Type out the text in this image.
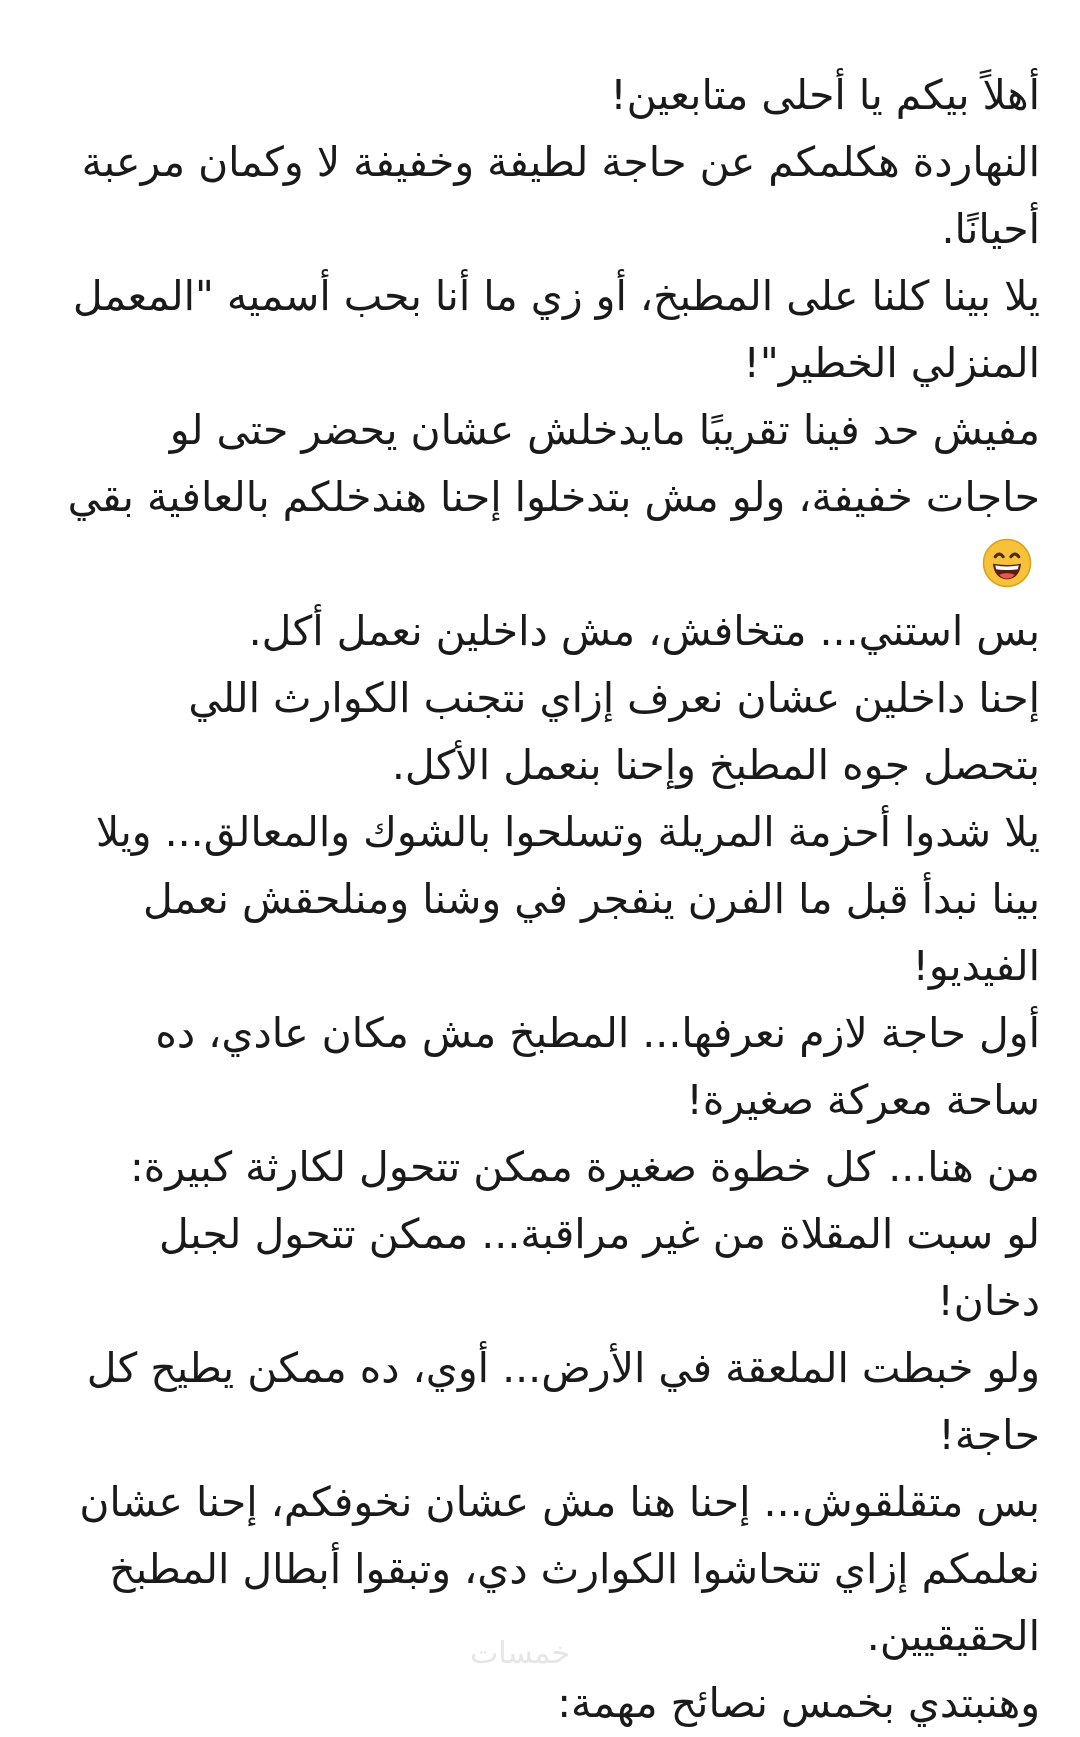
أهلاً بيكم يا أحلى متابعين!

النهاردة هكلمكم عن حاجة لطيفة وخفيفة لا وكمان مرعبة أحيانًا.

يلا بينا كلنا على المطبخ، أو زي ما أنا بحب أسميه "المعمل المنزلي الخطير"!

مفيش حد فينا تقريبًا مايدخلش عشان يحضر حتى لو حاجات خفيفة، ولو مش بتدخلوا إحنا هندخلكم بالعافية بقي

بس استني... متخافش، مش داخلين نعمل أكل.

إحنا داخلين عشان نعرف إزاي نتجنب الكوارث اللي بتحصل جوه المطبخ وإحنا بنعمل الأكل.

يلا شدوا أحزمة المريلة وتسلحوا بالشوك والمعالق... ويلا بينا نبدأ قبل ما الفرن ينفجر في وشنا ومنلحقش نعمل الفيديو!

أول حاجة لازم نعرفها... المطبخ مش مكان عادي، ده ساحة معركة صغيرة!

من هنا... كل خطوة صغيرة ممكن تتحول لكارثة كبيرة:

لو سبت المقلاة من غير مراقبة... ممكن تتحول لجبل دخان!

ولو خبطت الملعقة في الأرض... أوي، ده ممكن يطيح كل حاجة!

بس متقلقوش... إحنا هنا مش عشان نخوفكم، إحنا عشان نعلمكم إزاي تتحاشوا الكوارث دي، وتبقوا أبطال المطبخ الحقيقيين.

وهنبتدي بخمس نصائح مهمة:

خمسات
